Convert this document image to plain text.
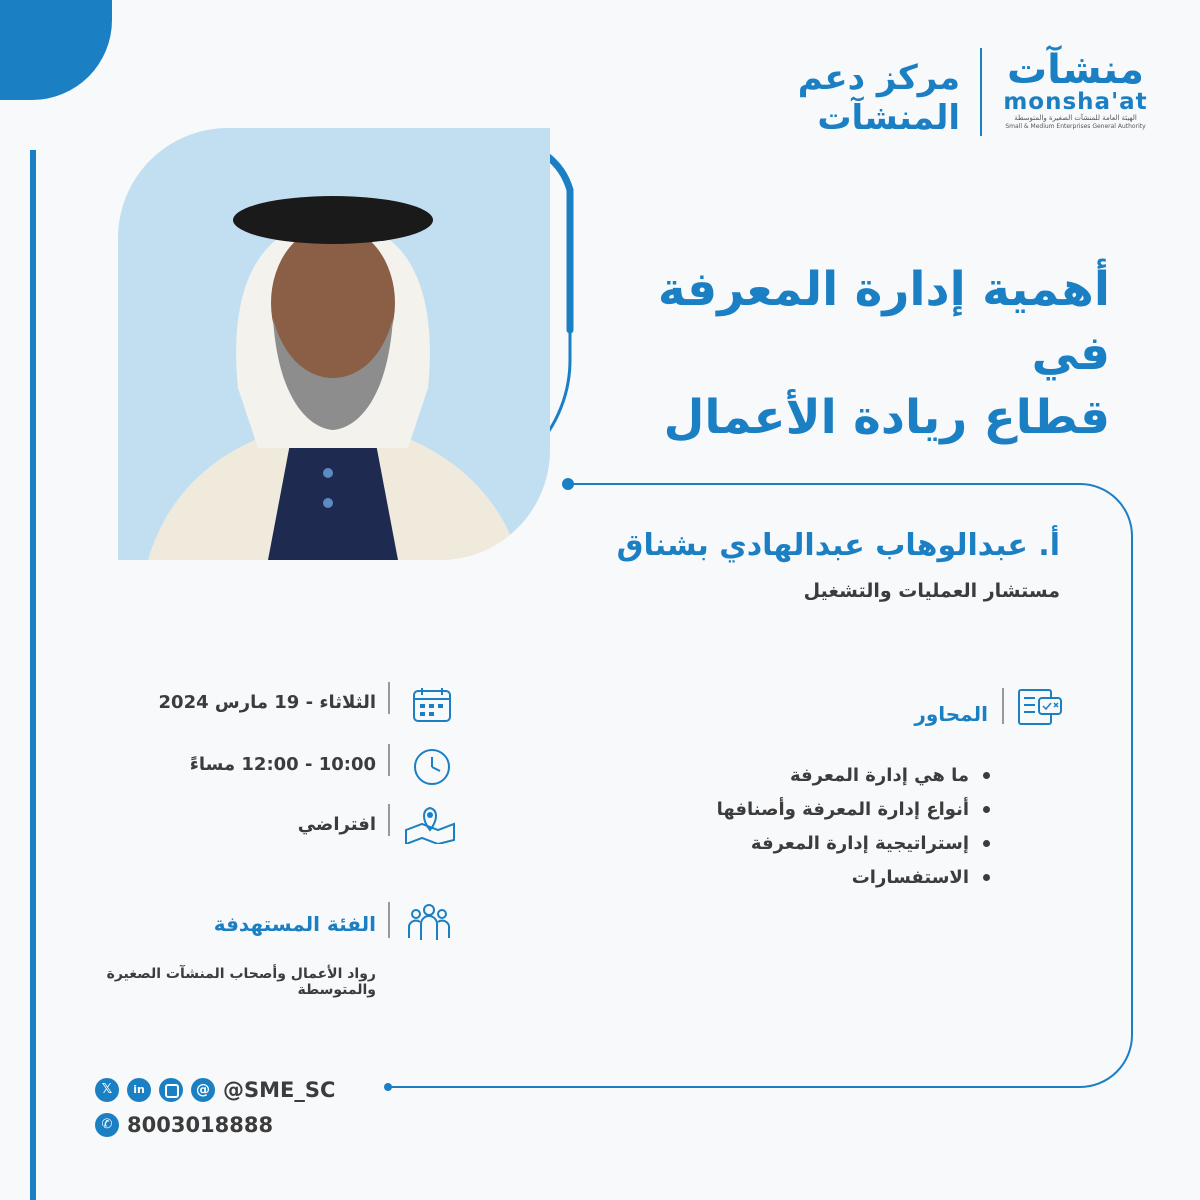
منشآت
monsha'at
الهيئة العامة للمنشآت الصغيرة والمتوسطة
Small & Medium Enterprises General Authority
مركز دعم المنشآت
أهمية إدارة المعرفة في
قطاع ريادة الأعمال
أ. عبدالوهاب عبدالهادي بشناق
مستشار العمليات والتشغيل
الثلاثاء - 19 مارس 2024
10:00 - 12:00 مساءً
افتراضي
الفئة المستهدفة
رواد الأعمال وأصحاب المنشآت الصغيرة والمتوسطة
المحاور
ما هي إدارة المعرفة
أنواع إدارة المعرفة وأصنافها
إستراتيجية إدارة المعرفة
الاستفسارات
𝕏	in	@ @SME_SC
✆ 8003018888
